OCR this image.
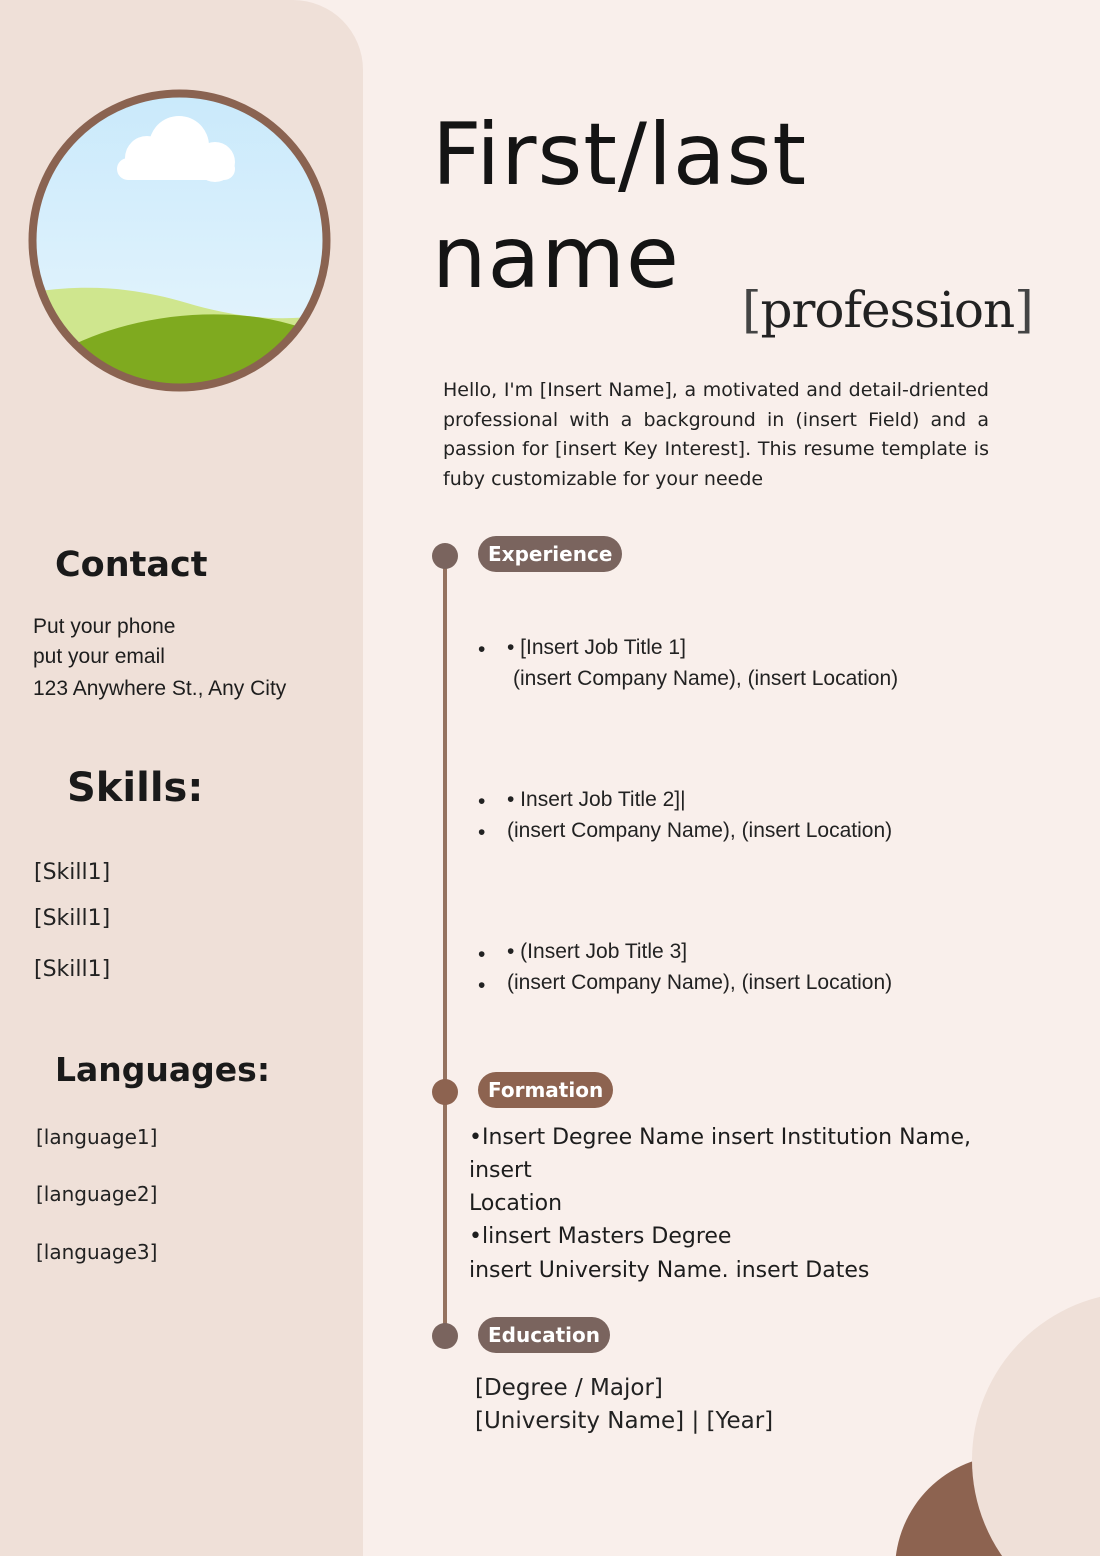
Contact
Put your phone
put your email
123 Anywhere St., Any City
Skills:
[Skill1]
[Skill1]
[Skill1]
Languages:
[language1]
[language2]
[language3]
First/last
name
[profession]
Hello, I'm [Insert Name], a motivated and detail-driented professional with a background in (insert Field) and a passion for [insert Key Interest]. This resume template is fuby customizable for your neede
Experience
• • [Insert Job Title 1]
(insert Company Name), (insert Location)
• • Insert Job Title 2]|
• (insert Company Name), (insert Location)
• • (Insert Job Title 3]
• (insert Company Name), (insert Location)
Formation
•Insert Degree Name insert Institution Name,
insert
Location
•linsert Masters Degree
insert University Name. insert Dates
Education
[Degree / Major]
[University Name] | [Year]
